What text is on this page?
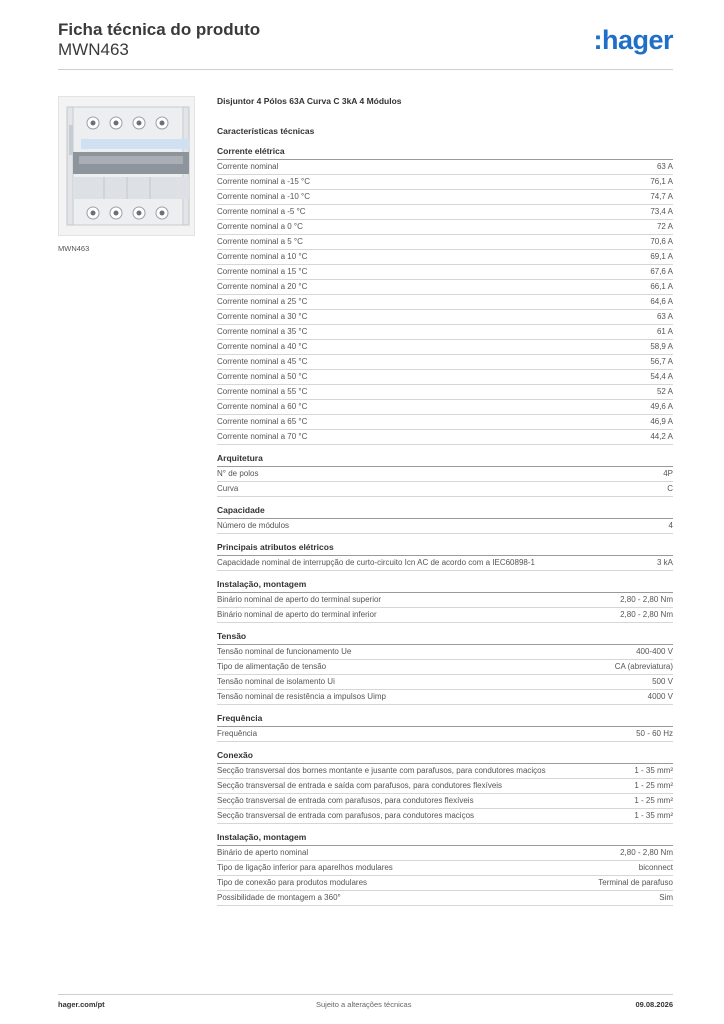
Ficha técnica do produto
MWN463	:hager
MWN463
Disjuntor 4 Pólos 63A Curva C 3kA 4 Módulos
Características técnicas
Corrente elétrica
Corrente nominal	63 A
Corrente nominal a -15 °C	76,1 A
Corrente nominal a -10 °C	74,7 A
Corrente nominal a -5 °C	73,4 A
Corrente nominal a 0 °C	72 A
Corrente nominal a 5 °C	70,6 A
Corrente nominal a 10 °C	69,1 A
Corrente nominal a 15 °C	67,6 A
Corrente nominal a 20 °C	66,1 A
Corrente nominal a 25 °C	64,6 A
Corrente nominal a 30 °C	63 A
Corrente nominal a 35 °C	61 A
Corrente nominal a 40 °C	58,9 A
Corrente nominal a 45 °C	56,7 A
Corrente nominal a 50 °C	54,4 A
Corrente nominal a 55 °C	52 A
Corrente nominal a 60 °C	49,6 A
Corrente nominal a 65 °C	46,9 A
Corrente nominal a 70 °C	44,2 A
Arquitetura
N° de polos	4P
Curva	C
Capacidade
Número de módulos	4
Principais atributos elétricos
Capacidade nominal de interrupção de curto-circuito Icn AC de acordo com a IEC60898-1	3 kA
Instalação, montagem
Binário nominal de aperto do terminal superior	2,80 - 2,80 Nm
Binário nominal de aperto do terminal inferior	2,80 - 2,80 Nm
Tensão
Tensão nominal de funcionamento Ue	400-400 V
Tipo de alimentação de tensão	CA (abreviatura)
Tensão nominal de isolamento Ui	500 V
Tensão nominal de resistência a impulsos Uimp	4000 V
Frequência
Frequência	50 - 60 Hz
Conexão
Secção transversal dos bornes montante e jusante com parafusos, para condutores maciços	1 - 35 mm²
Secção transversal de entrada e saída com parafusos, para condutores flexíveis	1 - 25 mm²
Secção transversal de entrada com parafusos, para condutores flexíveis	1 - 25 mm²
Secção transversal de entrada com parafusos, para condutores maciços	1 - 35 mm²
Instalação, montagem
Binário de aperto nominal	2,80 - 2,80 Nm
Tipo de ligação inferior para aparelhos modulares	biconnect
Tipo de conexão para produtos modulares	Terminal de parafuso
Possibilidade de montagem a 360°	Sim
hager.com/pt	Sujeito a alterações técnicas	09.08.2026
